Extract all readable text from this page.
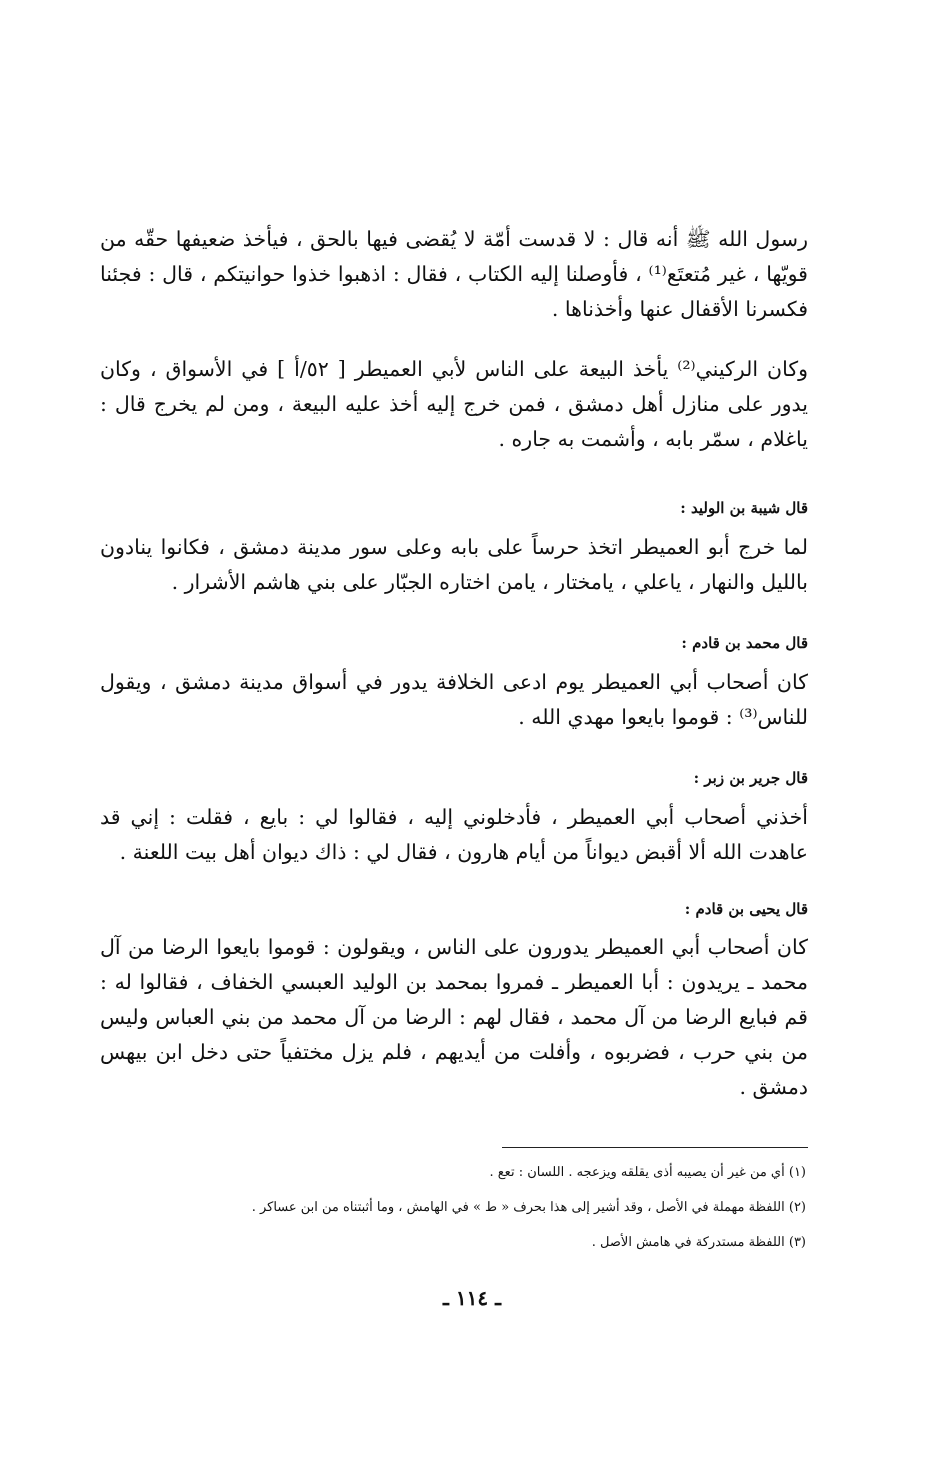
رسول الله ﷺ أنه قال : لا قدست أمّة لا يُقضى فيها بالحق ، فيأخذ ضعيفها حقّه من قويّها ، غير مُتعتَع⁽¹⁾ ، فأوصلنا إليه الكتاب ، فقال : اذهبوا خذوا حوانيتكم ، قال : فجئنا فكسرنا الأقفال عنها وأخذناها .

وكان الركيني⁽²⁾ يأخذ البيعة على الناس لأبي العميطر [ ٥٢/أ ] في الأسواق ، وكان يدور على منازل أهل دمشق ، فمن خرج إليه أخذ عليه البيعة ، ومن لم يخرج قال : ياغلام ، سمّر بابه ، وأشمت به جاره .

قال شيبة بن الوليد :

لما خرج أبو العميطر اتخذ حرساً على بابه وعلى سور مدينة دمشق ، فكانوا ينادون بالليل والنهار ، ياعلي ، يامختار ، يامن اختاره الجبّار على بني هاشم الأشرار .

قال محمد بن قادم :

كان أصحاب أبي العميطر يوم ادعى الخلافة يدور في أسواق مدينة دمشق ، ويقول للناس⁽³⁾ : قوموا بايعوا مهدي الله .

قال جرير بن زبر :

أخذني أصحاب أبي العميطر ، فأدخلوني إليه ، فقالوا لي : بايع ، فقلت : إني قد عاهدت الله ألا أقبض ديواناً من أيام هارون ، فقال لي : ذاك ديوان أهل بيت اللعنة .

قال يحيى بن قادم :

كان أصحاب أبي العميطر يدورون على الناس ، ويقولون : قوموا بايعوا الرضا من آل محمد ـ يريدون : أبا العميطر ـ فمروا بمحمد بن الوليد العبسي الخفاف ، فقالوا له : قم فبايع الرضا من آل محمد ، فقال لهم : الرضا من آل محمد من بني العباس وليس من بني حرب ، فضربوه ، وأفلت من أيديهم ، فلم يزل مختفياً حتى دخل ابن بيهس دمشق .

(١) أي من غير أن يصيبه أذى يقلقه ويزعجه . اللسان : تعع .

(٢) اللفظة مهملة في الأصل ، وقد أشير إلى هذا بحرف « ط » في الهامش ، وما أثبتناه من ابن عساكر .

(٣) اللفظة مستدركة في هامش الأصل .

ـ ١١٤ ـ
